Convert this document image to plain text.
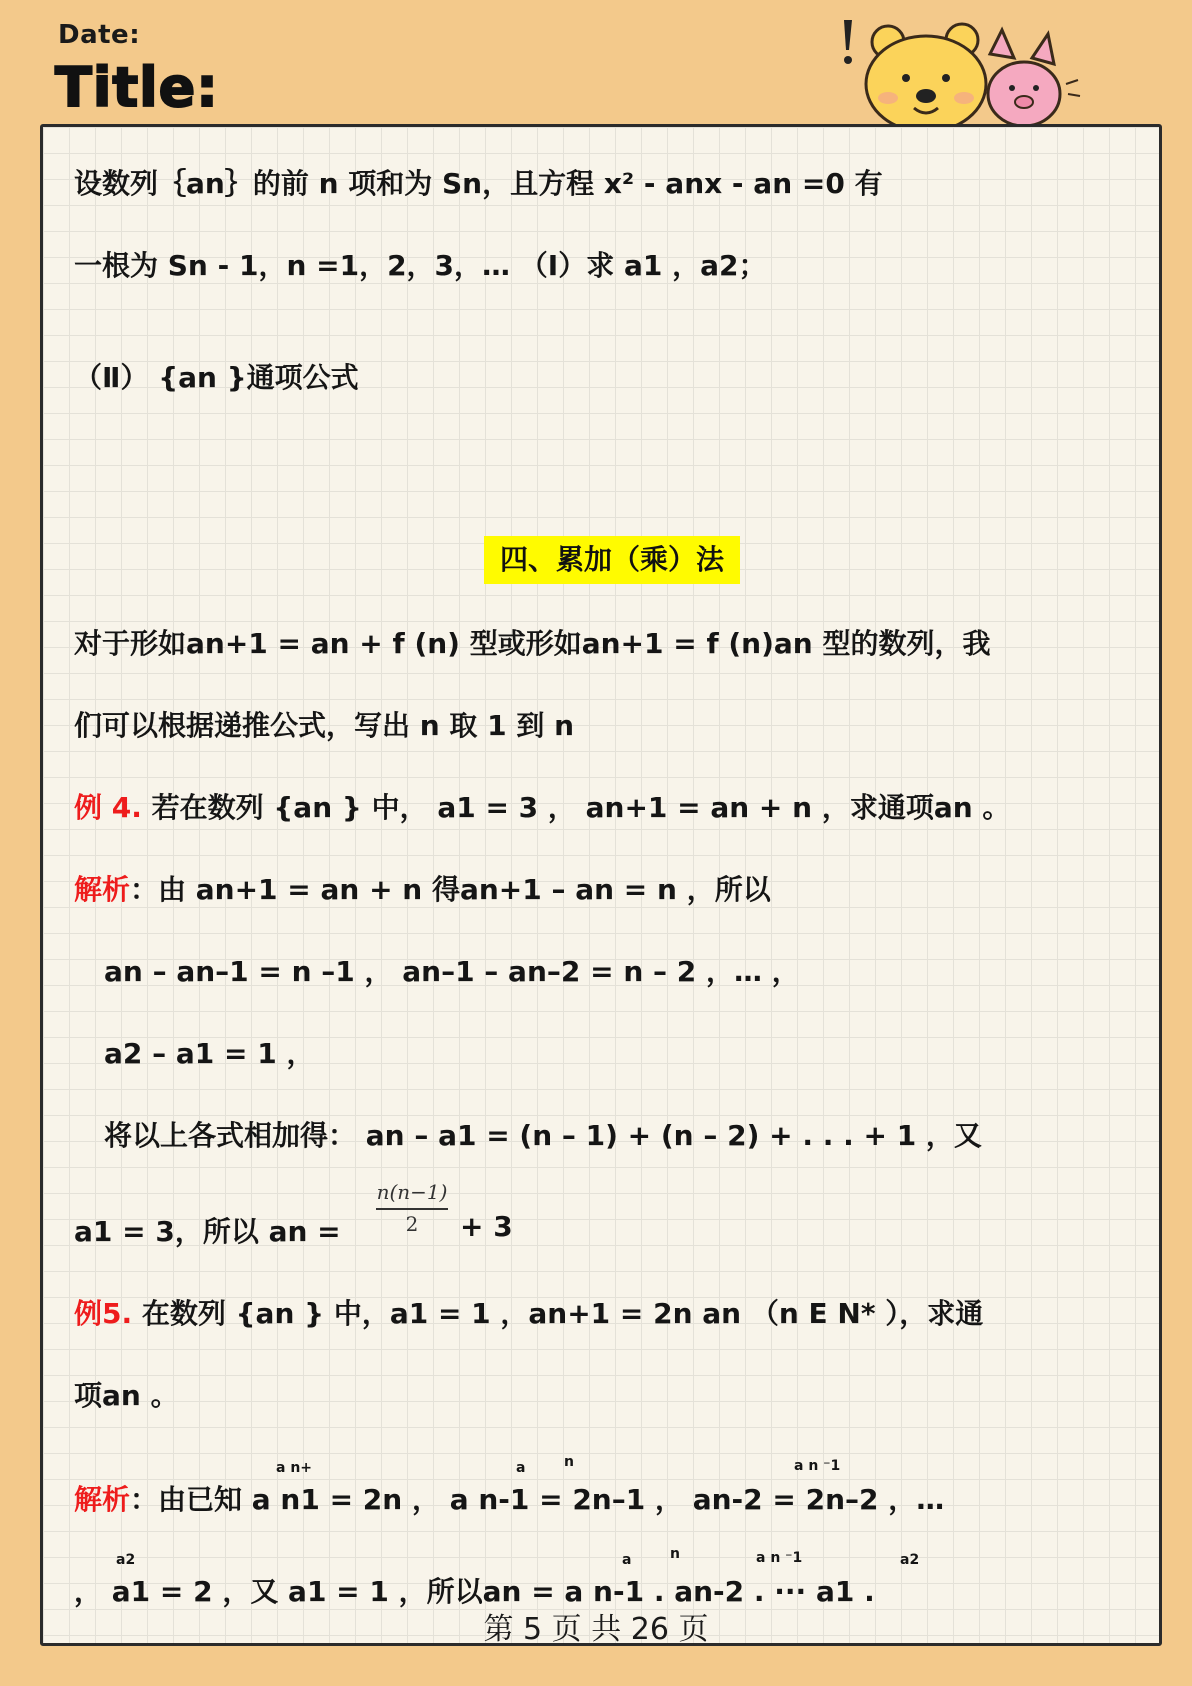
Date:
Title:
设数列｛an｝的前 n 项和为 Sn，且方程 x² - anx - an =0 有
一根为 Sn - 1，n =1，2，3，… （Ⅰ）求 a1 ，a2；
（Ⅱ） {an }通项公式
四、累加（乘）法
对于形如an+1 = an + f (n) 型或形如an+1 = f (n)an 型的数列，我
们可以根据递推公式，写出 n 取 1 到 n
例 4. 若在数列 {an } 中， a1 = 3 ， an+1 = an + n ，求通项an 。
解析：由 an+1 = an + n 得an+1 – an = n ，所以
an – an–1 = n –1 ， an–1 – an–2 = n – 2 ，… ，
a2 – a1 = 1 ，
将以上各式相加得： an – a1 = (n – 1) + (n – 2) + . . . + 1 ，又
a1 = 3，所以 an =
n(n−1)
2	+ 3
例5. 在数列 {an } 中，a1 = 1 ，an+1 = 2n an （n E N* ），求通
项an 。
a n+	a	n	a n ⁻1
解析：由已知 a n1 = 2n ， a n-1 = 2n–1 ， an-2 = 2n–2 ，…
a2	a	n	a n ⁻1	a2
， a1 = 2 ，又 a1 = 1 ，所以an = a n-1 . an-2 . ··· a1 .
第 5 页 共 26 页
